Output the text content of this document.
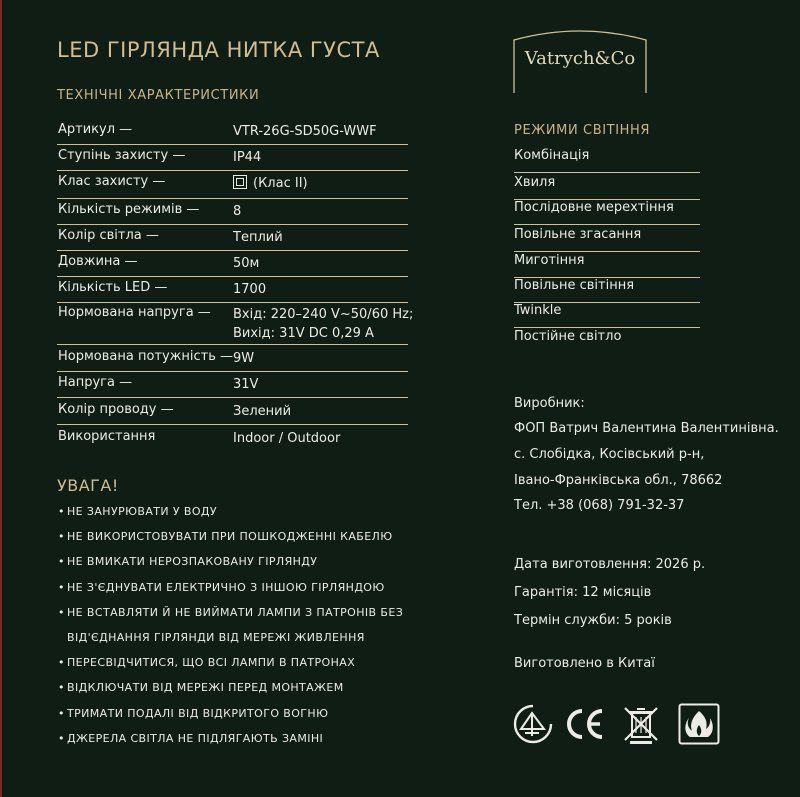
LED ГІРЛЯНДА НИТКА ГУСТА
ТЕХНІЧНІ ХАРАКТЕРИСТИКИ
Артикул —	VTR-26G-SD50G-WWF
Ступінь захисту —	IP44
Клас захисту —	(Клас II)
Кількість режимів —	8
Колір світла —	Теплий
Довжина —	50м
Кількість LED —	1700
Нормована напруга — Вхід: 220–240 V~50/60 Hz;
Вихід: 31V DC 0,29 A
Нормована потужність — 9W
Напруга —	31V
Колір проводу —	Зелений
Використання	Indoor / Outdoor
УВАГА!
• НЕ ЗАНУРЮВАТИ У ВОДУ
• НЕ ВИКОРИСТОВУВАТИ ПРИ ПОШКОДЖЕННІ КАБЕЛЮ
• НЕ ВМИКАТИ НЕРОЗПАКОВАНУ ГІРЛЯНДУ
• НЕ З'ЄДНУВАТИ ЕЛЕКТРИЧНО З ІНШОЮ ГІРЛЯНДОЮ
• НЕ ВСТАВЛЯТИ Й НЕ ВИЙМАТИ ЛАМПИ З ПАТРОНІВ БЕЗ
ВІД'ЄДНАННЯ ГІРЛЯНДИ ВІД МЕРЕЖІ ЖИВЛЕННЯ
• ПЕРЕСВІДЧИТИСЯ, ЩО ВСІ ЛАМПИ В ПАТРОНАХ
• ВІДКЛЮЧАТИ ВІД МЕРЕЖІ ПЕРЕД МОНТАЖЕМ
• ТРИМАТИ ПОДАЛІ ВІД ВІДКРИТОГО ВОГНЮ
• ДЖЕРЕЛА СВІТЛА НЕ ПІДЛЯГАЮТЬ ЗАМІНІ
Vatrych&Co
РЕЖИМИ СВІТІННЯ
Комбінація
Хвиля
Послідовне мерехтіння
Повільне згасання
Миготіння
Повільне світіння
Twinkle
Постійне світло
Виробник:
ФОП Ватрич Валентина Валентинівна.
с. Слобідка, Косівський р-н,
Івано-Франківська обл., 78662
Тел. +38 (068) 791-32-37
Дата виготовлення: 2026 р.
Гарантія: 12 місяців
Термін служби: 5 років
Виготовлено в Китаї
